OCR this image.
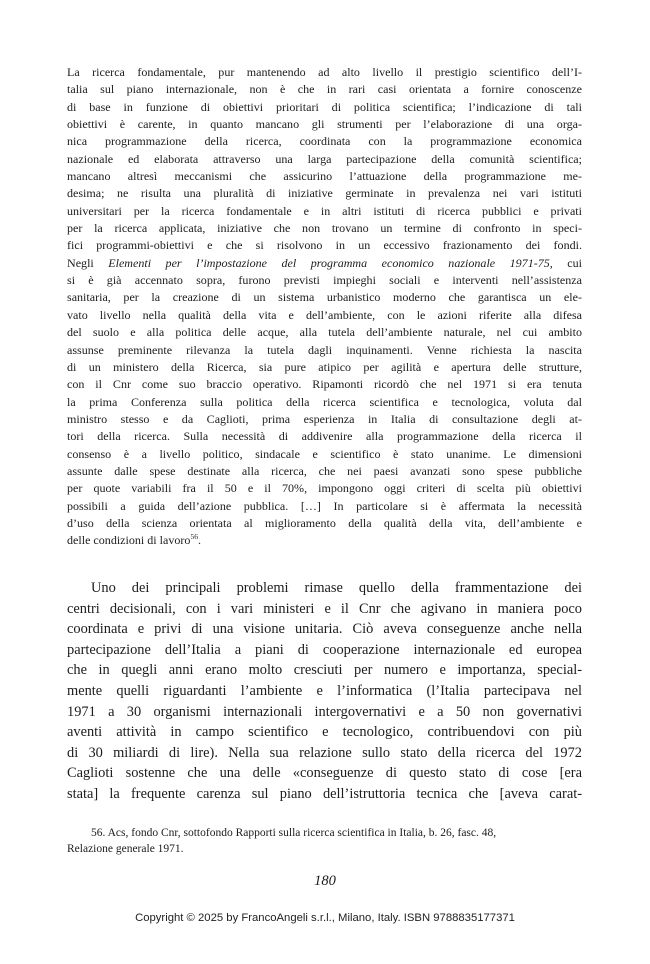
La ricerca fondamentale, pur mantenendo ad alto livello il prestigio scientifico dell’I-
talia sul piano internazionale, non è che in rari casi orientata a fornire conoscenze
di base in funzione di obiettivi prioritari di politica scientifica; l’indicazione di tali
obiettivi è carente, in quanto mancano gli strumenti per l’elaborazione di una orga-
nica programmazione della ricerca, coordinata con la programmazione economica
nazionale ed elaborata attraverso una larga partecipazione della comunità scientifica;
mancano altresì meccanismi che assicurino l’attuazione della programmazione me-
desima; ne risulta una pluralità di iniziative germinate in prevalenza nei vari istituti
universitari per la ricerca fondamentale e in altri istituti di ricerca pubblici e privati
per la ricerca applicata, iniziative che non trovano un termine di confronto in speci-
fici programmi-obiettivi e che si risolvono in un eccessivo frazionamento dei fondi.
Negli Elementi per l’impostazione del programma economico nazionale 1971-75, cui
si è già accennato sopra, furono previsti impieghi sociali e interventi nell’assistenza
sanitaria, per la creazione di un sistema urbanistico moderno che garantisca un ele-
vato livello nella qualità della vita e dell’ambiente, con le azioni riferite alla difesa
del suolo e alla politica delle acque, alla tutela dell’ambiente naturale, nel cui ambito
assunse preminente rilevanza la tutela dagli inquinamenti. Venne richiesta la nascita
di un ministero della Ricerca, sia pure atipico per agilità e apertura delle strutture,
con il Cnr come suo braccio operativo. Ripamonti ricordò che nel 1971 si era tenuta
la prima Conferenza sulla politica della ricerca scientifica e tecnologica, voluta dal
ministro stesso e da Caglioti, prima esperienza in Italia di consultazione degli at-
tori della ricerca. Sulla necessità di addivenire alla programmazione della ricerca il
consenso è a livello politico, sindacale e scientifico è stato unanime. Le dimensioni
assunte dalle spese destinate alla ricerca, che nei paesi avanzati sono spese pubbliche
per quote variabili fra il 50 e il 70%, impongono oggi criteri di scelta più obiettivi
possibili a guida dell’azione pubblica. […] In particolare si è affermata la necessità
d’uso della scienza orientata al miglioramento della qualità della vita, dell’ambiente e
delle condizioni di lavoro$^{56}$.
Uno dei principali problemi rimase quello della frammentazione dei
centri decisionali, con i vari ministeri e il Cnr che agivano in maniera poco
coordinata e privi di una visione unitaria. Ciò aveva conseguenze anche nella
partecipazione dell’Italia a piani di cooperazione internazionale ed europea
che in quegli anni erano molto cresciuti per numero e importanza, special-
mente quelli riguardanti l’ambiente e l’informatica (l’Italia partecipava nel
1971 a 30 organismi internazionali intergovernativi e a 50 non governativi
aventi attività in campo scientifico e tecnologico, contribuendovi con più
di 30 miliardi di lire). Nella sua relazione sullo stato della ricerca del 1972
Caglioti sostenne che una delle «conseguenze di questo stato di cose [era
stata] la frequente carenza sul piano dell’istruttoria tecnica che [aveva carat-
56. Acs, fondo Cnr, sottofondo Rapporti sulla ricerca scientifica in Italia, b. 26, fasc. 48,
Relazione generale 1971.
180
Copyright © 2025 by FrancoAngeli s.r.l., Milano, Italy. ISBN 9788835177371
